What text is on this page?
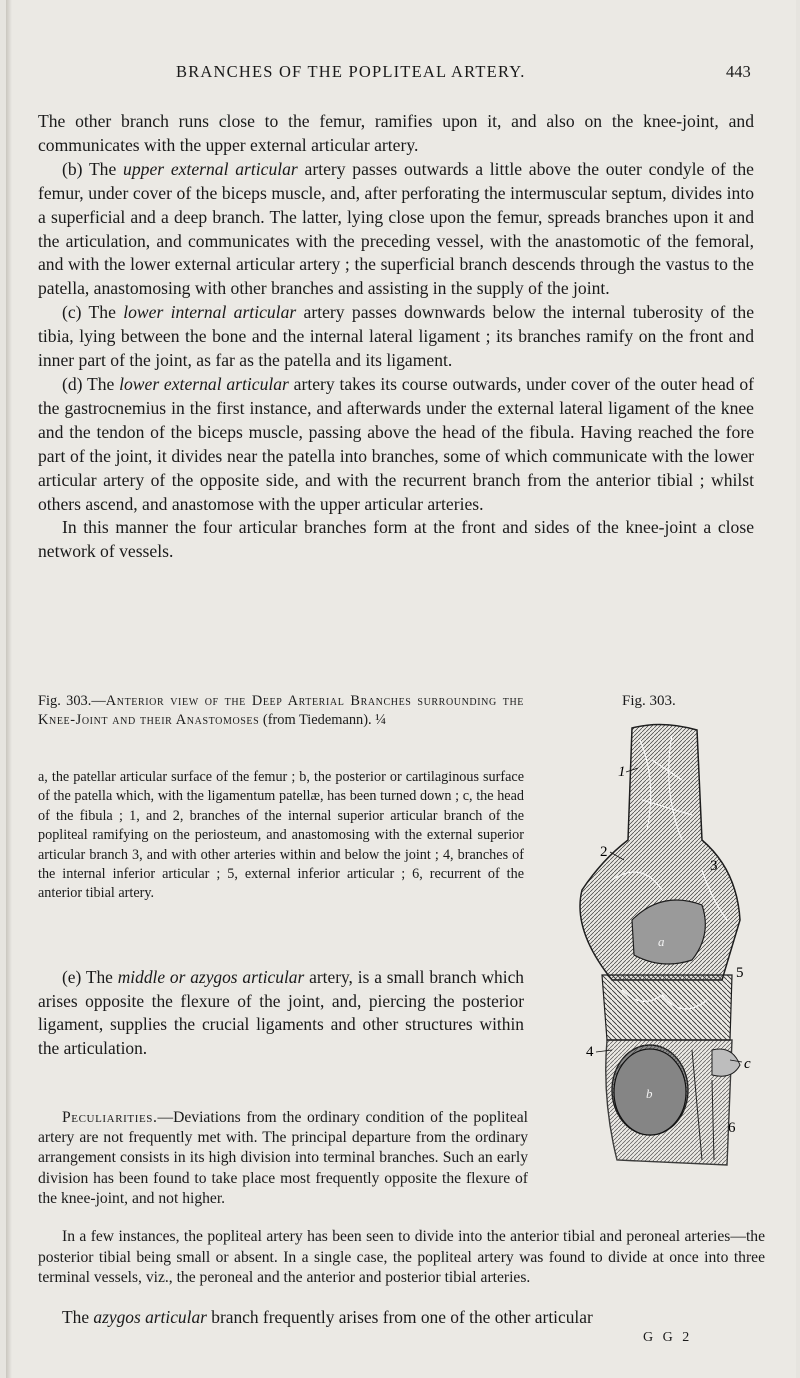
BRANCHES OF THE POPLITEAL ARTERY.	443

The other branch runs close to the femur, ramifies upon it, and also on the knee-joint, and communicates with the upper external articular artery.

(b) The upper external articular artery passes outwards a little above the outer condyle of the femur, under cover of the biceps muscle, and, after perforating the intermuscular septum, divides into a superficial and a deep branch. The latter, lying close upon the femur, spreads branches upon it and the articulation, and communicates with the preceding vessel, with the anastomotic of the femoral, and with the lower external articular artery ; the superficial branch descends through the vastus to the patella, anastomosing with other branches and assisting in the supply of the joint.

(c) The lower internal articular artery passes downwards below the internal tuberosity of the tibia, lying between the bone and the internal lateral ligament ; its branches ramify on the front and inner part of the joint, as far as the patella and its ligament.

(d) The lower external articular artery takes its course outwards, under cover of the outer head of the gastrocnemius in the first instance, and afterwards under the external lateral ligament of the knee and the tendon of the biceps muscle, passing above the head of the fibula. Having reached the fore part of the joint, it divides near the patella into branches, some of which communicate with the lower articular artery of the opposite side, and with the recurrent branch from the anterior tibial ; whilst others ascend, and anastomose with the upper articular arteries.

In this manner the four articular branches form at the front and sides of the knee-joint a close network of vessels.

Fig. 303.—Anterior view of the Deep Arterial Branches surrounding the Knee-Joint and their Anastomoses (from Tiedemann). ¼
a, the patellar articular surface of the femur ; b, the posterior or cartilaginous surface of the patella which, with the ligamentum patellæ, has been turned down ; c, the head of the fibula ; 1, and 2, branches of the internal superior articular branch of the popliteal ramifying on the periosteum, and anastomosing with the external superior articular branch 3, and with other arteries within and below the joint ; 4, branches of the internal inferior articular ; 5, external inferior articular ; 6, recurrent of the anterior tibial artery.

(e) The middle or azygos articular artery, is a small branch which arises opposite the flexure of the joint, and, piercing the posterior ligament, supplies the crucial ligaments and other structures within the articulation.

Peculiarities.—Deviations from the ordinary condition of the popliteal artery are not frequently met with. The principal departure from the ordinary arrangement consists in its high division into terminal branches. Such an early division has been found to take place most frequently opposite the flexure of the knee-joint, and not higher.

In a few instances, the popliteal artery has been seen to divide into the anterior tibial and peroneal arteries—the posterior tibial being small or absent. In a single case, the popliteal artery was found to divide at once into three terminal vessels, viz., the peroneal and the anterior and posterior tibial arteries.

The azygos articular branch frequently arises from one of the other articular
G G 2
Fig. 303.
1
2
3
5
4
c
6
a
b
